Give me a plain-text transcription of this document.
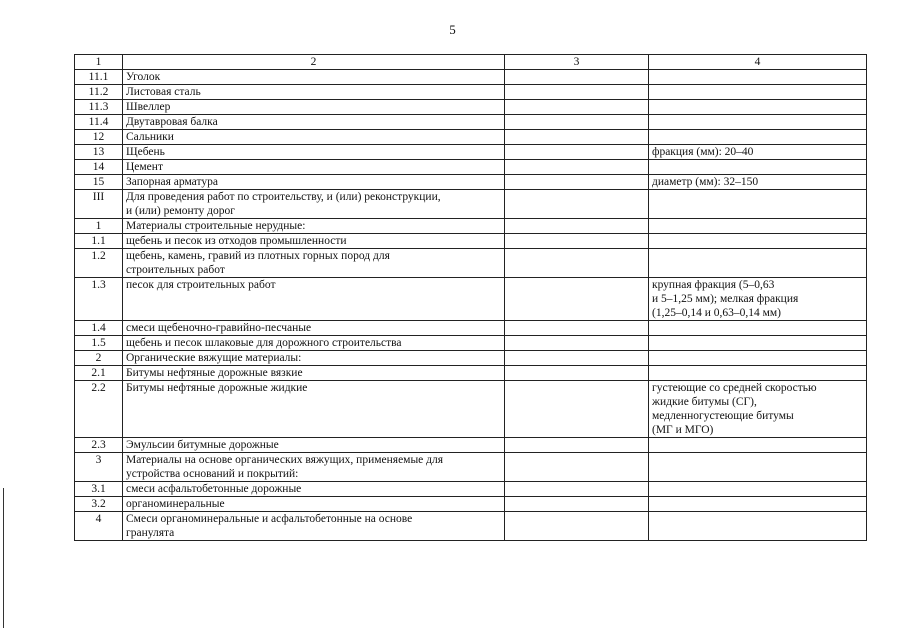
5
1	2	3	4
11.1	Уголок		
11.2	Листовая сталь		
11.3	Швеллер		
11.4	Двутавровая балка		
12	Сальники		
13	Щебень		фракция (мм): 20–40
14	Цемент		
15	Запорная арматура		диаметр (мм): 32–150
III	Для проведения работ по строительству, и (или) реконструкции,
и (или) ремонту дорог		
1	Материалы строительные нерудные:		
1.1	щебень и песок из отходов промышленности		
1.2	щебень, камень, гравий из плотных горных пород для
строительных работ		
1.3	песок для строительных работ		крупная фракция (5–0,63
и 5–1,25 мм); мелкая фракция
(1,25–0,14 и 0,63–0,14 мм)
1.4	смеси щебеночно-гравийно-песчаные		
1.5	щебень и песок шлаковые для дорожного строительства		
2	Органические вяжущие материалы:		
2.1	Битумы нефтяные дорожные вязкие		
2.2	Битумы нефтяные дорожные жидкие		густеющие со средней скоростью
жидкие битумы (СГ),
медленногустеющие битумы
(МГ и МГО)
2.3	Эмульсии битумные дорожные		
3	Материалы на основе органических вяжущих, применяемые для
устройства оснований и покрытий:		
3.1	смеси асфальтобетонные дорожные		
3.2	органоминеральные		
4	Смеси органоминеральные и асфальтобетонные на основе
гранулята		
